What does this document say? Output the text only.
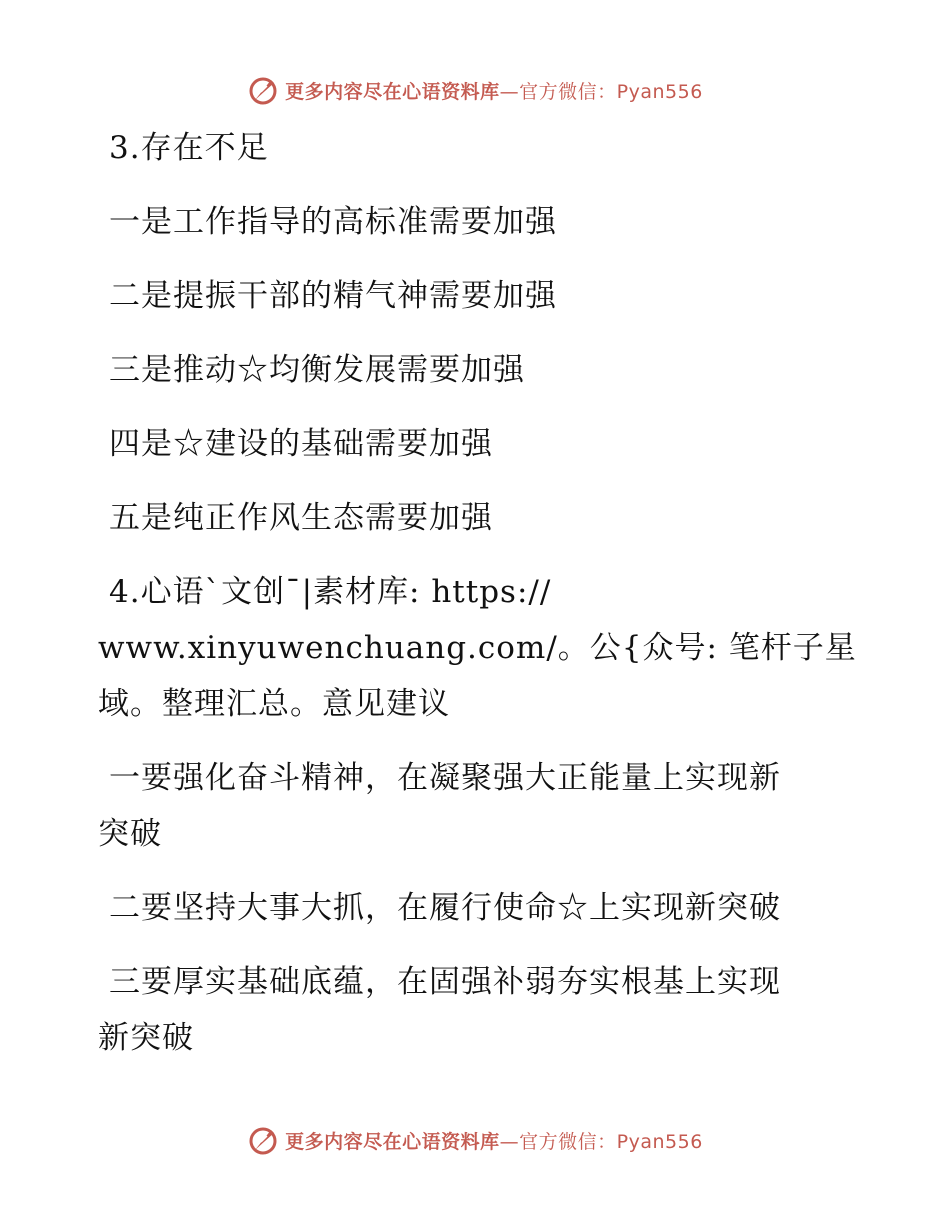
更多内容尽在心语资料库—官方微信：Pyan556
3.存在不足
一是工作指导的高标准需要加强
二是提振干部的精气神需要加强
三是推动☆均衡发展需要加强
四是☆建设的基础需要加强
五是纯正作风生态需要加强
4.心语`文创¯|素材库: https://
www.xinyuwenchuang.com/。公{众号: 笔杆子星
域。整理汇总。意见建议
一要强化奋斗精神，在凝聚强大正能量上实现新
突破
二要坚持大事大抓，在履行使命☆上实现新突破
三要厚实基础底蕴，在固强补弱夯实根基上实现
新突破
更多内容尽在心语资料库—官方微信：Pyan556
